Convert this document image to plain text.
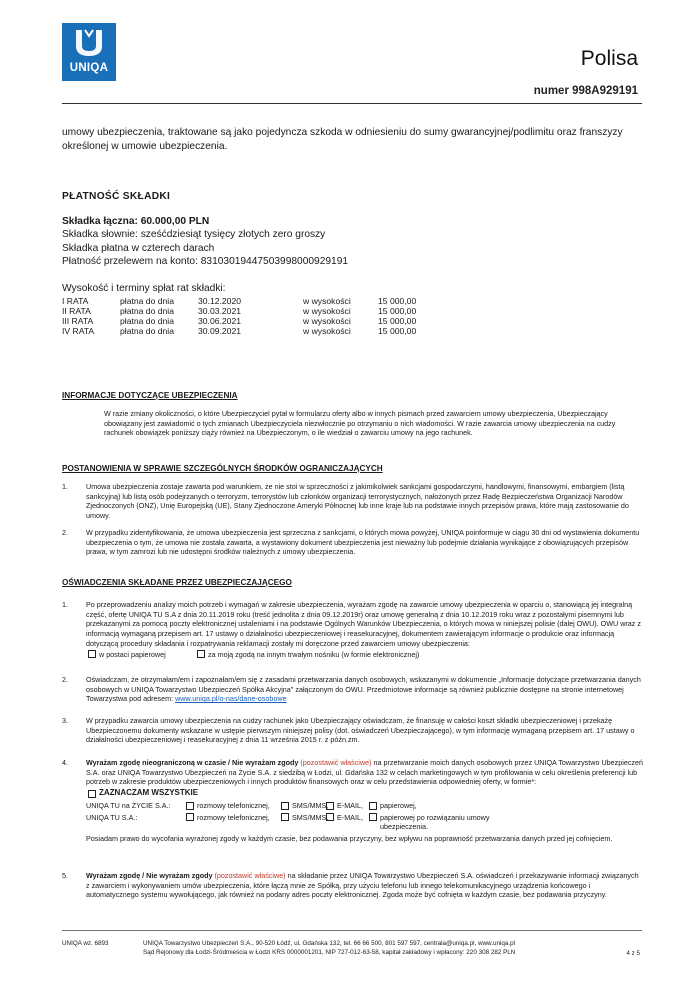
UNIQA	Polisa
numer 998A929191
umowy ubezpieczenia, traktowane są jako pojedyncza szkoda w odniesieniu do sumy gwarancyjnej/podlimitu oraz franszyzy określonej w umowie ubezpieczenia.
PŁATNOŚĆ SKŁADKI
Składka łączna: 60.000,00 PLN
Składka słownie: sześćdziesiąt tysięcy złotych zero groszy
Składka płatna w czterech darach
Płatność przelewem na konto: 83103019447503998000929191
Wysokość i terminy spłat rat składki:
I RATA	płatna do dnia	30.12.2020	w wysokości	15 000,00
II RATA	płatna do dnia	30.03.2021	w wysokości	15 000,00
III RATA	płatna do dnia	30.06.2021	w wysokości	15 000,00
IV RATA	płatna do dnia	30.09.2021	w wysokości	15 000,00
INFORMACJE DOTYCZĄCE UBEZPIECZENIA
W razie zmiany okoliczności, o które Ubezpieczyciel pytał w formularzu oferty albo w innych pismach przed zawarciem umowy ubezpieczenia, Ubezpieczający obowiązany jest zawiadomić o tych zmianach Ubezpieczyciela niezwłocznie po otrzymaniu o nich wiadomości. W razie zawarcia umowy ubezpieczenia na cudzy rachunek obowiązek poniższy ciąży również na Ubezpieczonym, o ile wiedział o zawarciu umowy na jego rachunek.
POSTANOWIENIA W SPRAWIE SZCZEGÓLNYCH ŚRODKÓW OGRANICZAJĄCYCH
1.	Umowa ubezpieczenia zostaje zawarta pod warunkiem, że nie stoi w sprzeczności z jakimikolwiek sankcjami gospodarczymi, handlowymi, finansowymi, embargiem (listą sankcyjną) lub listą osób podejrzanych o terroryzm, terrorystów lub członków organizacji terrorystycznych, nałożonych przez Radę Bezpieczeństwa Organizacji Narodów Zjednoczonych (ONZ), Unię Europejską (UE), Stany Zjednoczone Ameryki Północnej lub inne kraje lub na podstawie innych przepisów prawa, które mają zastosowanie do umowy.
2.	W przypadku zidentyfikowania, że umowa ubezpieczenia jest sprzeczna z sankcjami, o których mowa powyżej, UNIQA poinformuje w ciągu 30 dni od wystawienia dokumentu ubezpieczenia o tym, że umowa nie została zawarta, a wystawiony dokument ubezpieczenia jest nieważny lub podejmie działania wynikające z obowiązujących przepisów prawa, w tym zamrozi lub nie udostępni środków należnych z umowy ubezpieczenia.
OŚWIADCZENIA SKŁADANE PRZEZ UBEZPIECZAJĄCEGO
1.	Po przeprowadzeniu analizy moich potrzeb i wymagań w zakresie ubezpieczenia, wyrażam zgodę na zawarcie umowy ubezpieczenia w oparciu o, stanowiącą jej integralną część, ofertę UNIQA TU S.A z dnia 20.11.2019 roku (treść jednolita z dnia 09.12.2019r) oraz umowę generalną z dnia 10.12.2019 roku wraz z pozostałymi pisemnymi lub przekazanymi za pomocą poczty elektronicznej ustaleniami i na podstawie Ogólnych Warunków Ubezpieczenia, o których mowa w niniejszej polisie (dalej OWU). OWU wraz z informacją wymaganą przepisem art. 17 ustawy o działalności ubezpieczeniowej i reasekuracyjnej, dokumentem zawierającym informacje o produkcie oraz informacją dotyczącą procedury składania i rozpatrywania reklamacji zostały mi doręczone przed zawarciem umowy ubezpieczenia:
w postaci papierowej	za moją zgodą na innym trwałym nośniku (w formie elektronicznej)
2.	Oświadczam, że otrzymałam/em i zapoznałam/em się z zasadami przetwarzania danych osobowych, wskazanymi w dokumencie „Informacje dotyczące przetwarzania danych osobowych w UNIQA Towarzystwo Ubezpieczeń Spółka Akcyjna" załączonym do OWU. Przedmiotowe informacje są również publicznie dostępne na stronie internetowej Towarzystwa pod adresem: www.uniqa.pl/o-nas/dane-osobowe
3.	W przypadku zawarcia umowy ubezpieczenia na cudzy rachunek jako Ubezpieczający oświadczam, że finansuję w całości koszt składki ubezpieczeniowej i przekażę Ubezpieczonemu dokumenty wskazane w ustępie pierwszym niniejszej polisy (dot. oświadczeń Ubezpieczającego), w tym informację wymaganą przepisem art. 17 ustawy o działalności ubezpieczeniowej i reasekuracyjnej z dnia 11 września 2015 r. z późn.zm.
4.	Wyrażam zgodę nieograniczoną w czasie / Nie wyrażam zgody (pozostawić właściwe) na przetwarzanie moich danych osobowych przez UNIQA Towarzystwo Ubezpieczeń S.A. oraz UNIQA Towarzystwo Ubezpieczeń na Życie S.A. z siedzibą w Łodzi, ul. Gdańska 132 w celach marketingowych w tym profilowania w celu określenia preferencji lub potrzeb w zakresie produktów ubezpieczeniowych i innych produktów finansowych oraz w celu przedstawienia odpowiedniej oferty, w formie*:
ZAZNACZAM WSZYSTKIE
UNIQA TU na ŻYCIE S.A.:	rozmowy telefonicznej,	SMS/MMS, E-MAIL,	papierowej,
UNIQA TU S.A.:	rozmowy telefonicznej,	SMS/MMS, E-MAIL,	papierowej po rozwiązaniu umowy ubezpieczenia.
Posiadam prawo do wycofania wyrażonej zgody w każdym czasie, bez podawania przyczyny, bez wpływu na poprawność przetwarzania danych przed jej cofnięciem.
5.	Wyrażam zgodę / Nie wyrażam zgody (pozostawić właściwe) na składanie przez UNIQA Towarzystwo Ubezpieczeń S.A. oświadczeń i przekazywanie informacji związanych z zawarciem i wykonywaniem umów ubezpieczenia, które łączą mnie ze Spółką, przy użyciu telefonu lub innego telekomunikacyjnego urządzenia końcowego i automatycznego systemu wywołującego, jak również na podany adres poczty elektronicznej. Zgoda może być cofnięta w każdym czasie, bez podawania przyczyny.
UNIQA wz. 6893	UNIQA Towarzystwo Ubezpieczeń S.A., 90-520 Łódź, ul. Gdańska 132, tel. 66 66 500, 801 597 597, centrala@uniqa.pl, www.uniqa.pl
Sąd Rejonowy dla Łodzi-Śródmieścia w Łodzi KRS 0000001201, NIP 727-012-63-58, kapitał zakładowy i wpłacony: 220 308 282 PLN	4 z 5
